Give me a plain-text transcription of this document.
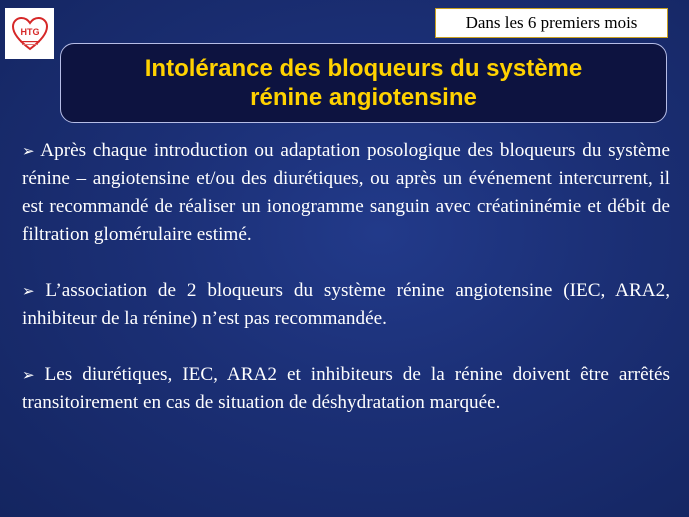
HTG	Dans les 6 premiers mois
Intolérance des bloqueurs du système
rénine angiotensine

➢ Après chaque introduction ou adaptation posologique des bloqueurs du système rénine – angiotensine et/ou des diurétiques, ou après un événement intercurrent, il est recommandé de réaliser un ionogramme sanguin avec créatininémie et débit de filtration glomérulaire estimé.

➢ L’association de 2 bloqueurs du système rénine angiotensine (IEC, ARA2, inhibiteur de la rénine) n’est pas recommandée.

➢ Les diurétiques, IEC, ARA2 et inhibiteurs de la rénine doivent être arrêtés transitoirement en cas de situation de déshydratation marquée.
